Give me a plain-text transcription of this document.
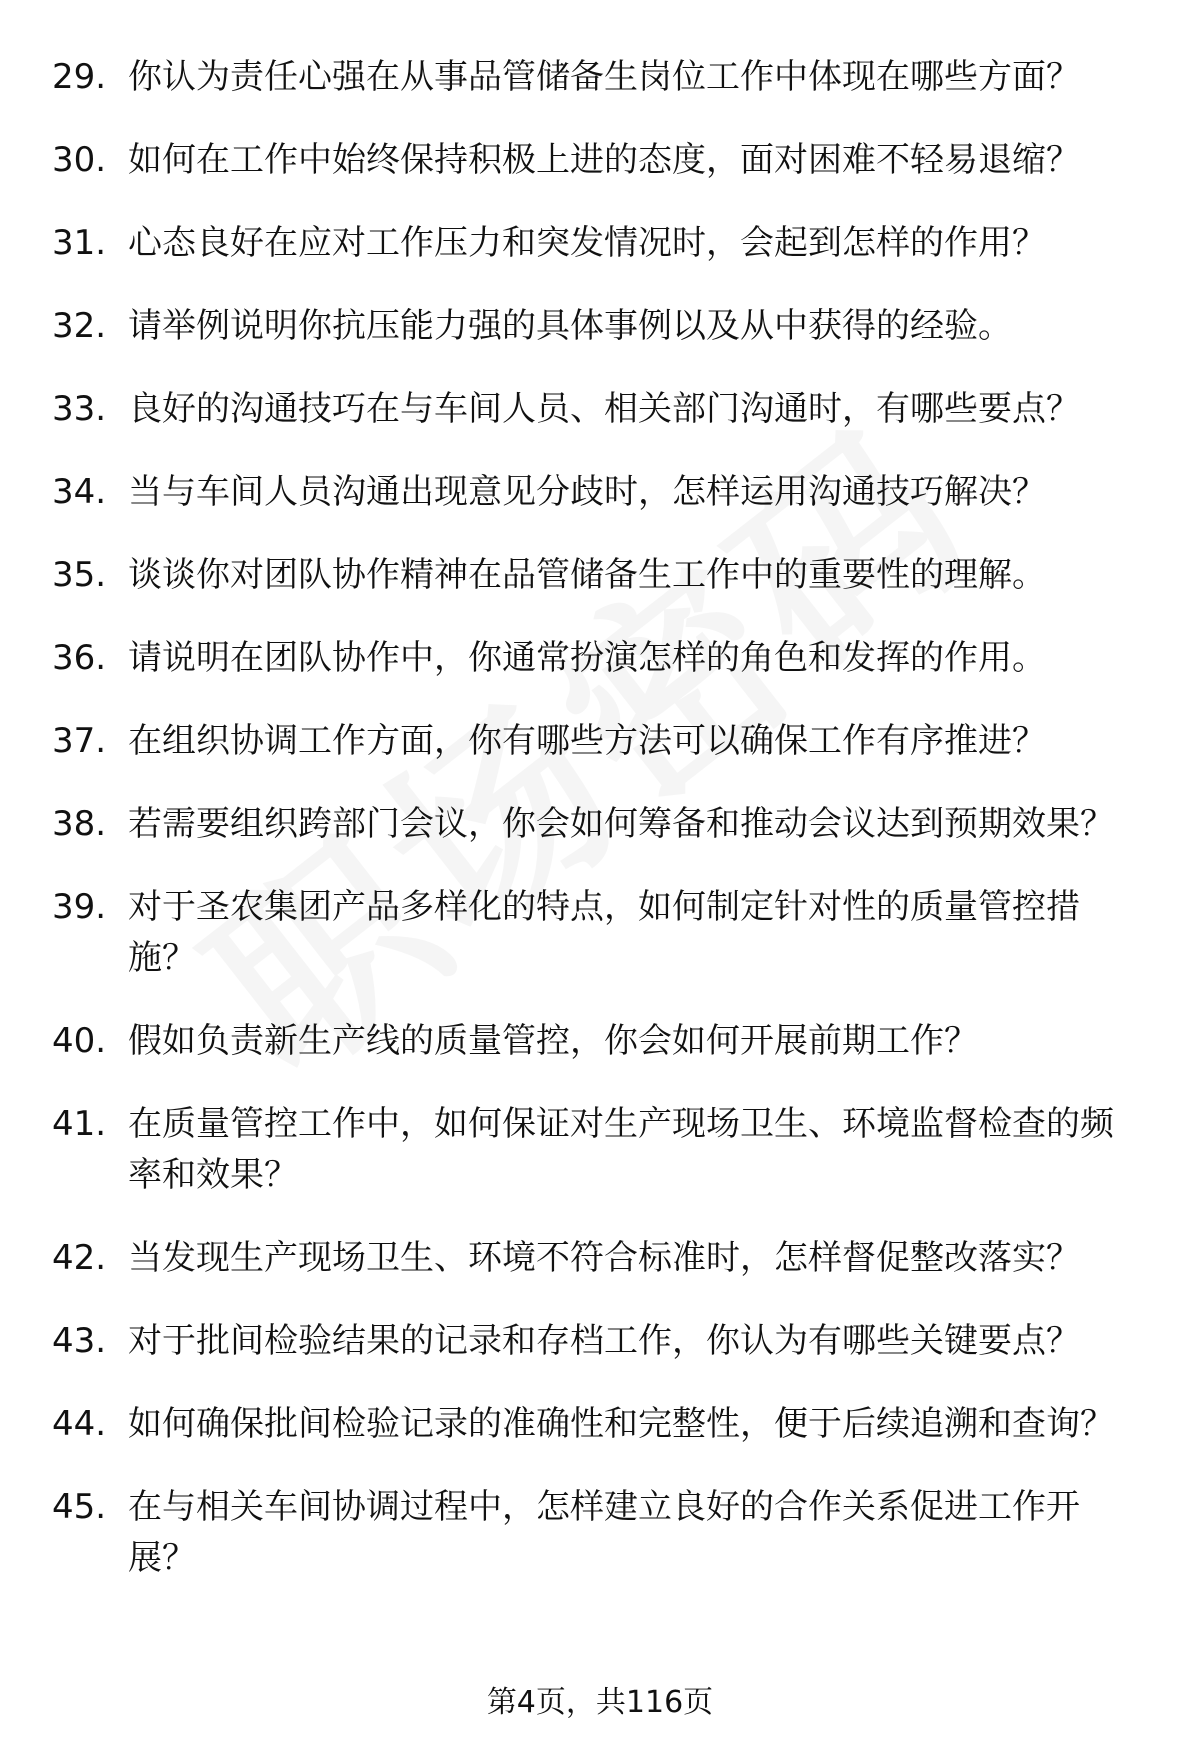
29. 你认为责任心强在从事品管储备生岗位工作中体现在哪些方面？
30. 如何在工作中始终保持积极上进的态度，面对困难不轻易退缩？
31. 心态良好在应对工作压力和突发情况时，会起到怎样的作用？
32. 请举例说明你抗压能力强的具体事例以及从中获得的经验。
33. 良好的沟通技巧在与车间人员、相关部门沟通时，有哪些要点？
34. 当与车间人员沟通出现意见分歧时，怎样运用沟通技巧解决？
35. 谈谈你对团队协作精神在品管储备生工作中的重要性的理解。
36. 请说明在团队协作中，你通常扮演怎样的角色和发挥的作用。
37. 在组织协调工作方面，你有哪些方法可以确保工作有序推进？
38. 若需要组织跨部门会议，你会如何筹备和推动会议达到预期效果？
39. 对于圣农集团产品多样化的特点，如何制定针对性的质量管控措施？
40. 假如负责新生产线的质量管控，你会如何开展前期工作？
41. 在质量管控工作中，如何保证对生产现场卫生、环境监督检查的频率和效果？
42. 当发现生产现场卫生、环境不符合标准时，怎样督促整改落实？
43. 对于批间检验结果的记录和存档工作，你认为有哪些关键要点？
44. 如何确保批间检验记录的准确性和完整性，便于后续追溯和查询？
45. 在与相关车间协调过程中，怎样建立良好的合作关系促进工作开展？
第4页，共116页
